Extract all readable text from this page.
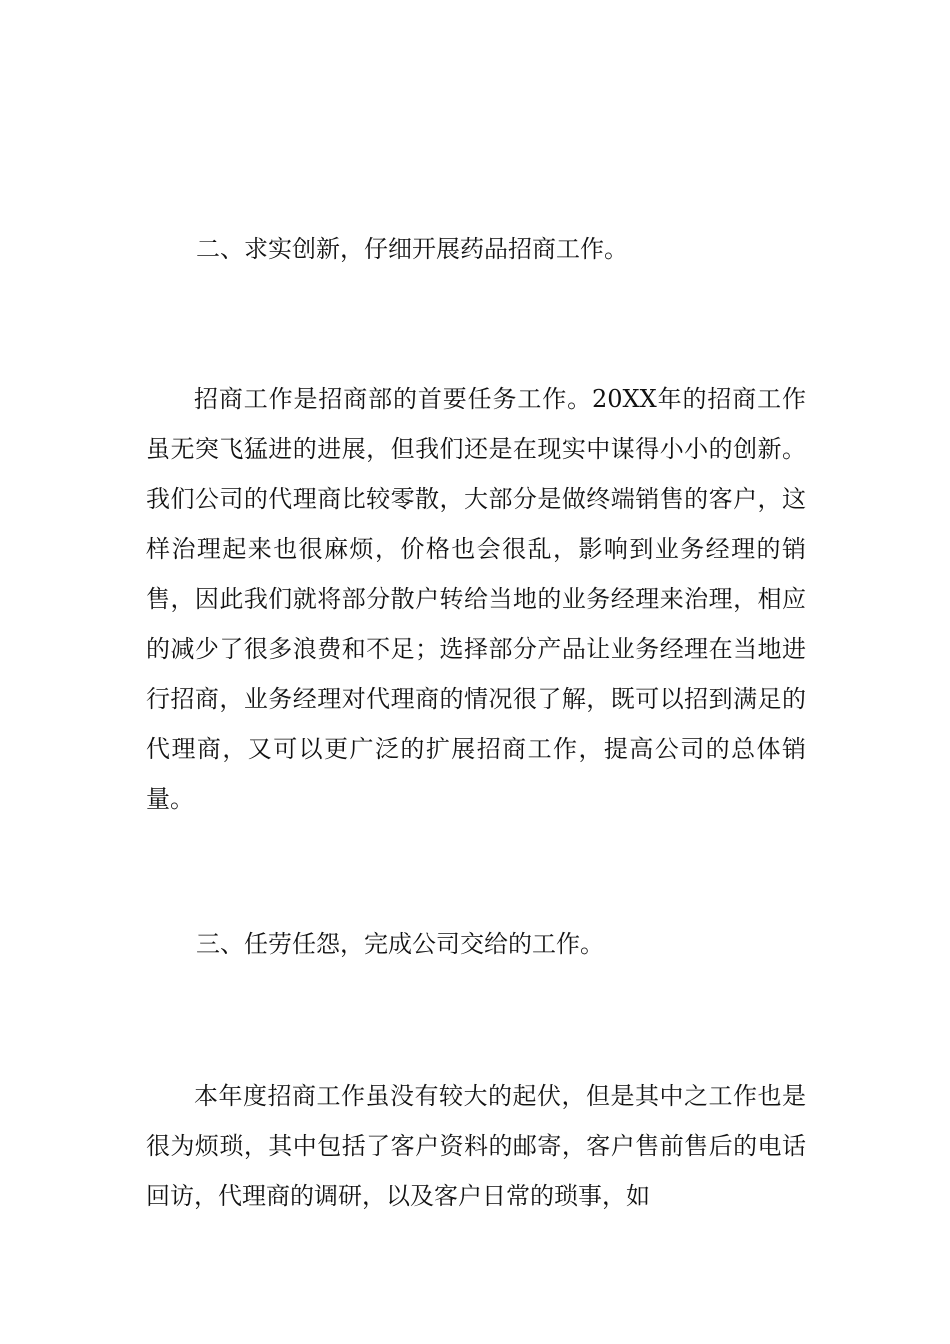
二、求实创新，仔细开展药品招商工作。
招商工作是招商部的首要任务工作。20XX年的招商工作虽无突飞猛进的进展，但我们还是在现实中谋得小小的创新。我们公司的代理商比较零散，大部分是做终端销售的客户，这样治理起来也很麻烦，价格也会很乱，影响到业务经理的销售，因此我们就将部分散户转给当地的业务经理来治理，相应的减少了很多浪费和不足；选择部分产品让业务经理在当地进行招商，业务经理对代理商的情况很了解，既可以招到满足的代理商，又可以更广泛的扩展招商工作，提高公司的总体销量。
三、任劳任怨，完成公司交给的工作。
本年度招商工作虽没有较大的起伏，但是其中之工作也是很为烦琐，其中包括了客户资料的邮寄，客户售前售后的电话回访，代理商的调研，以及客户日常的琐事，如
